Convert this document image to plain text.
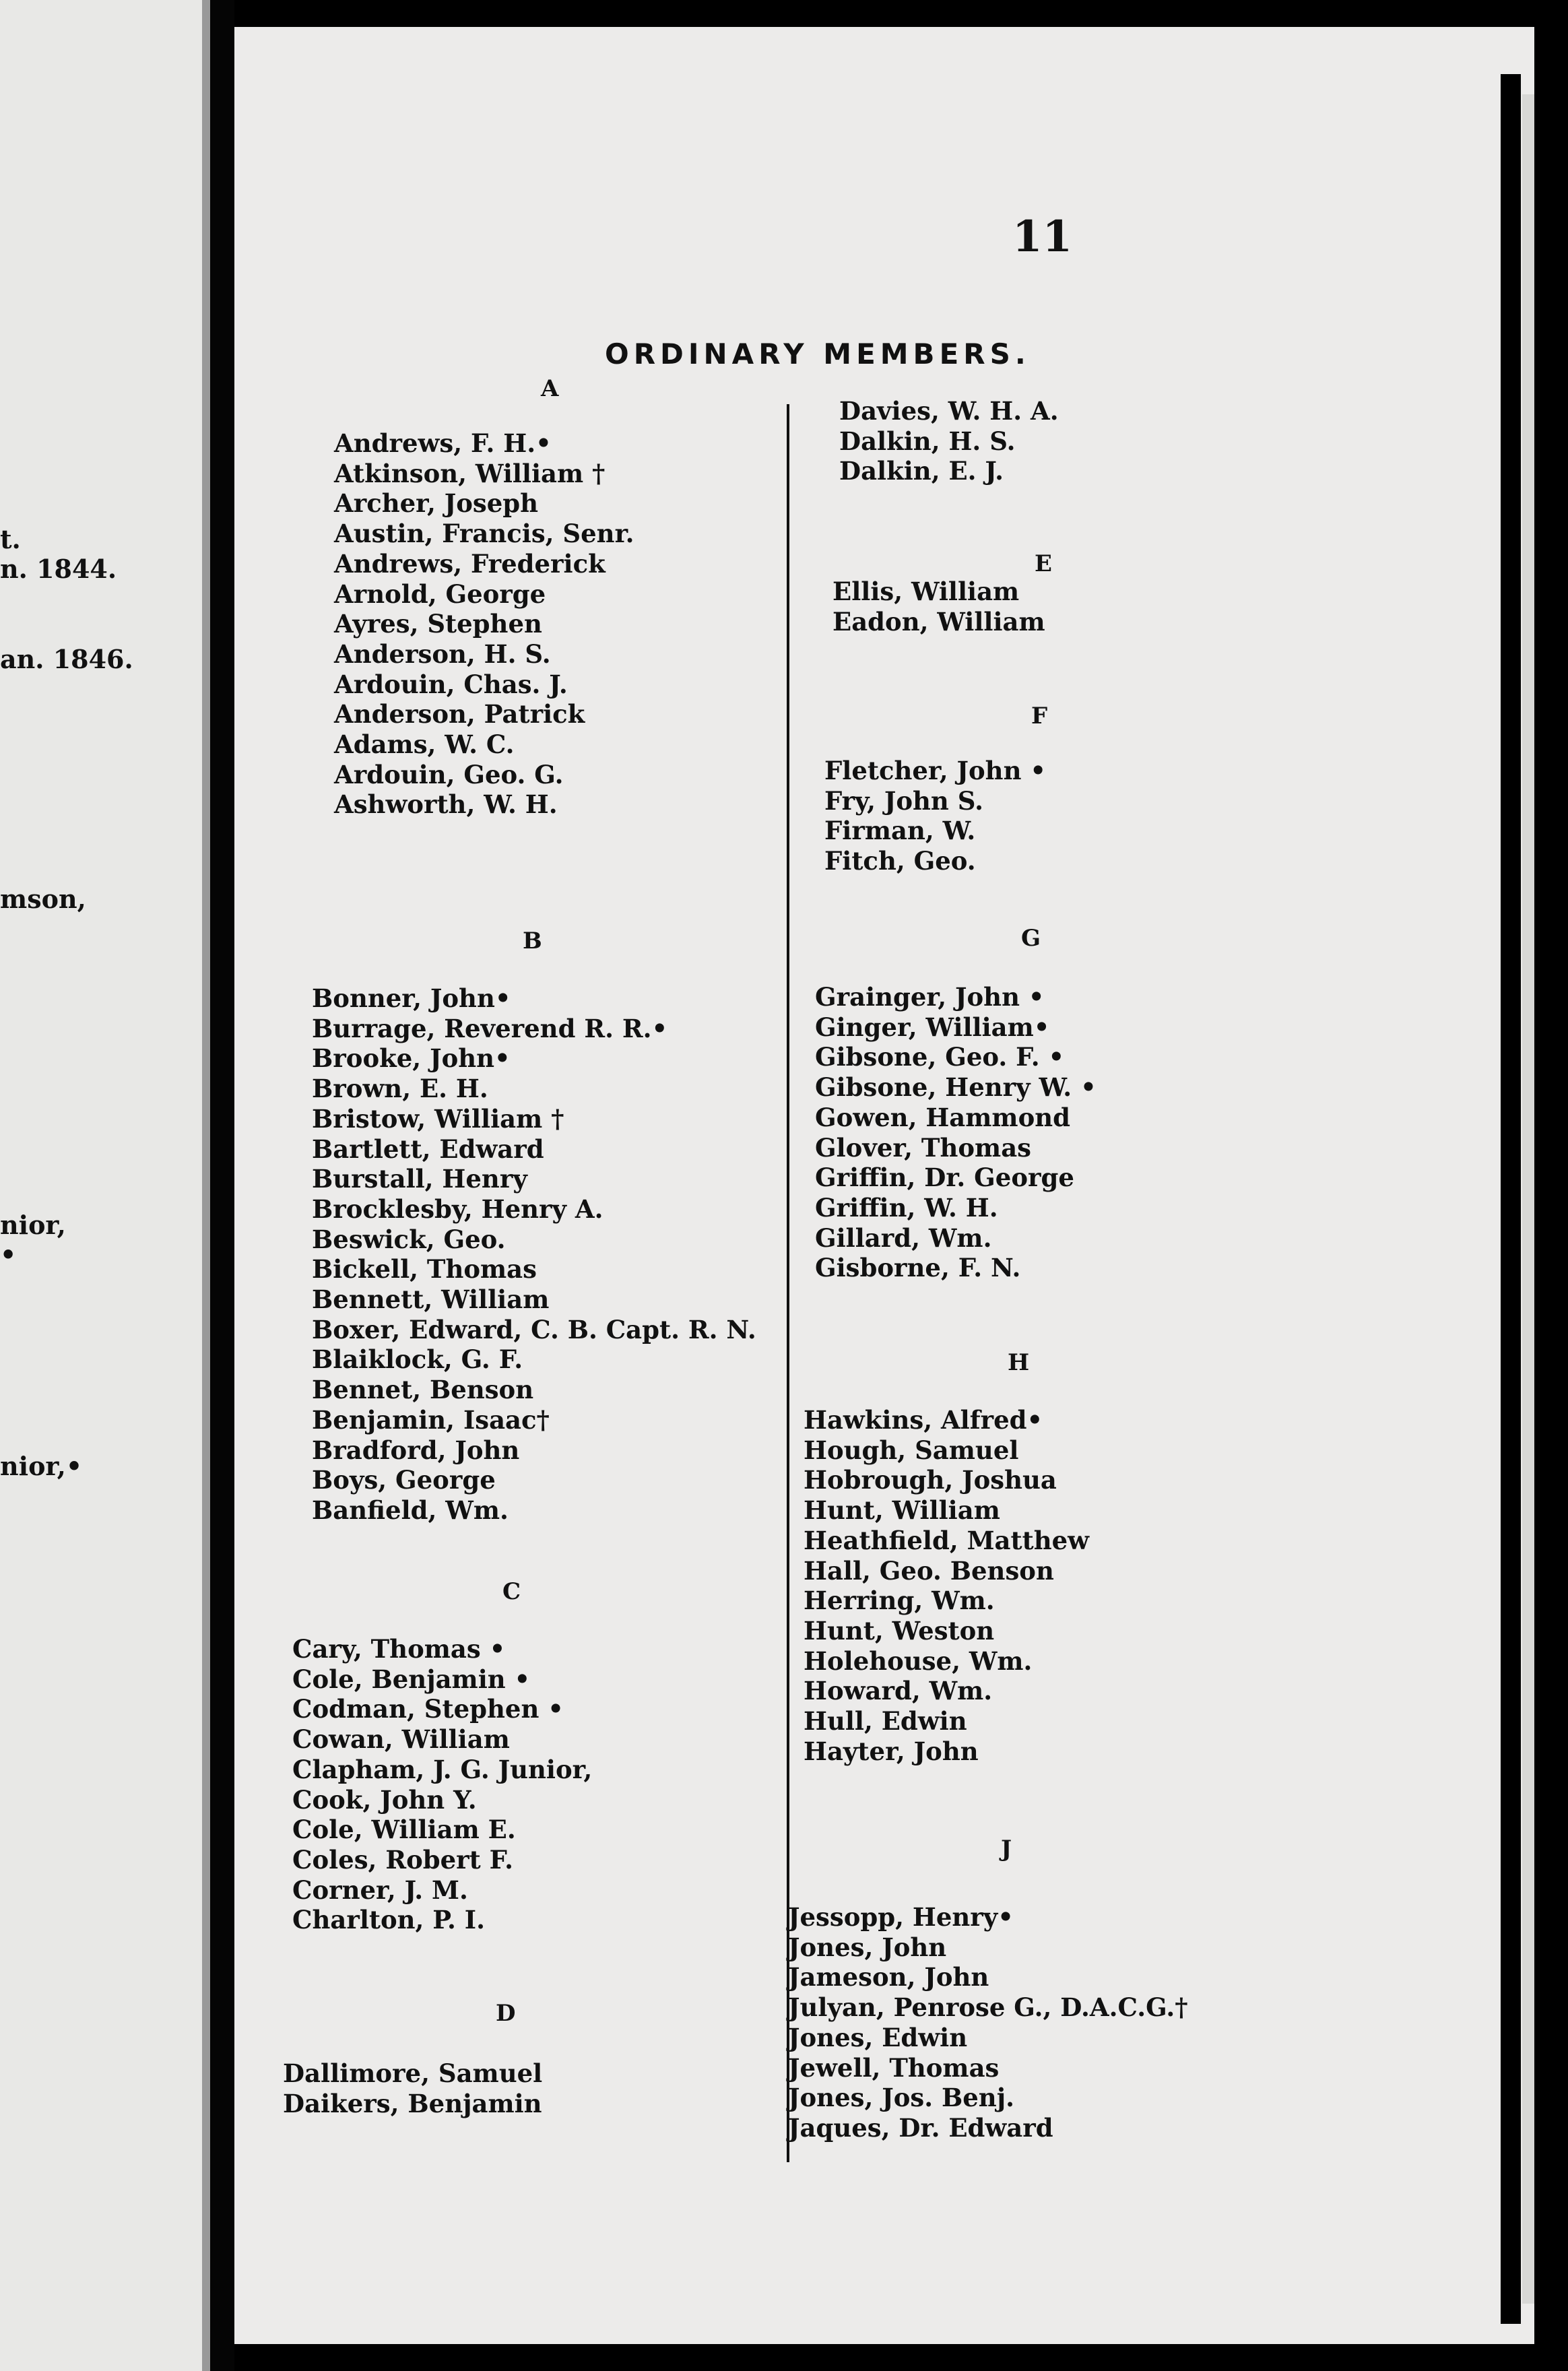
t.
n. 1844.
an. 1846.
mson,
nior,
•
nior,•
11
ORDINARY MEMBERS.
A
Andrews, F. H.•
Atkinson, William †
Archer, Joseph
Austin, Francis, Senr.
Andrews, Frederick
Arnold, George
Ayres, Stephen
Anderson, H. S.
Ardouin, Chas. J.
Anderson, Patrick
Adams, W. C.
Ardouin, Geo. G.
Ashworth, W. H.
B
Bonner, John•
Burrage, Reverend R. R.•
Brooke, John•
Brown, E. H.
Bristow, William †
Bartlett, Edward
Burstall, Henry
Brocklesby, Henry A.
Beswick, Geo.
Bickell, Thomas
Bennett, William
Boxer, Edward, C. B. Capt. R. N.
Blaiklock, G. F.
Bennet, Benson
Benjamin, Isaac†
Bradford, John
Boys, George
Banfield, Wm.
C
Cary, Thomas •
Cole, Benjamin •
Codman, Stephen •
Cowan, William
Clapham, J. G. Junior,
Cook, John Y.
Cole, William E.
Coles, Robert F.
Corner, J. M.
Charlton, P. I.
D
Dallimore, Samuel
Daikers, Benjamin
Davies, W. H. A.
Dalkin, H. S.
Dalkin, E. J.
E
Ellis, William
Eadon, William
F
Fletcher, John •
Fry, John S.
Firman, W.
Fitch, Geo.
G
Grainger, John •
Ginger, William•
Gibsone, Geo. F. •
Gibsone, Henry W. •
Gowen, Hammond
Glover, Thomas
Griffin, Dr. George
Griffin, W. H.
Gillard, Wm.
Gisborne, F. N.
H
Hawkins, Alfred•
Hough, Samuel
Hobrough, Joshua
Hunt, William
Heathfield, Matthew
Hall, Geo. Benson
Herring, Wm.
Hunt, Weston
Holehouse, Wm.
Howard, Wm.
Hull, Edwin
Hayter, John
J
Jessopp, Henry•
Jones, John
Jameson, John
Julyan, Penrose G., D.A.C.G.†
Jones, Edwin
Jewell, Thomas
Jones, Jos. Benj.
Jaques, Dr. Edward
